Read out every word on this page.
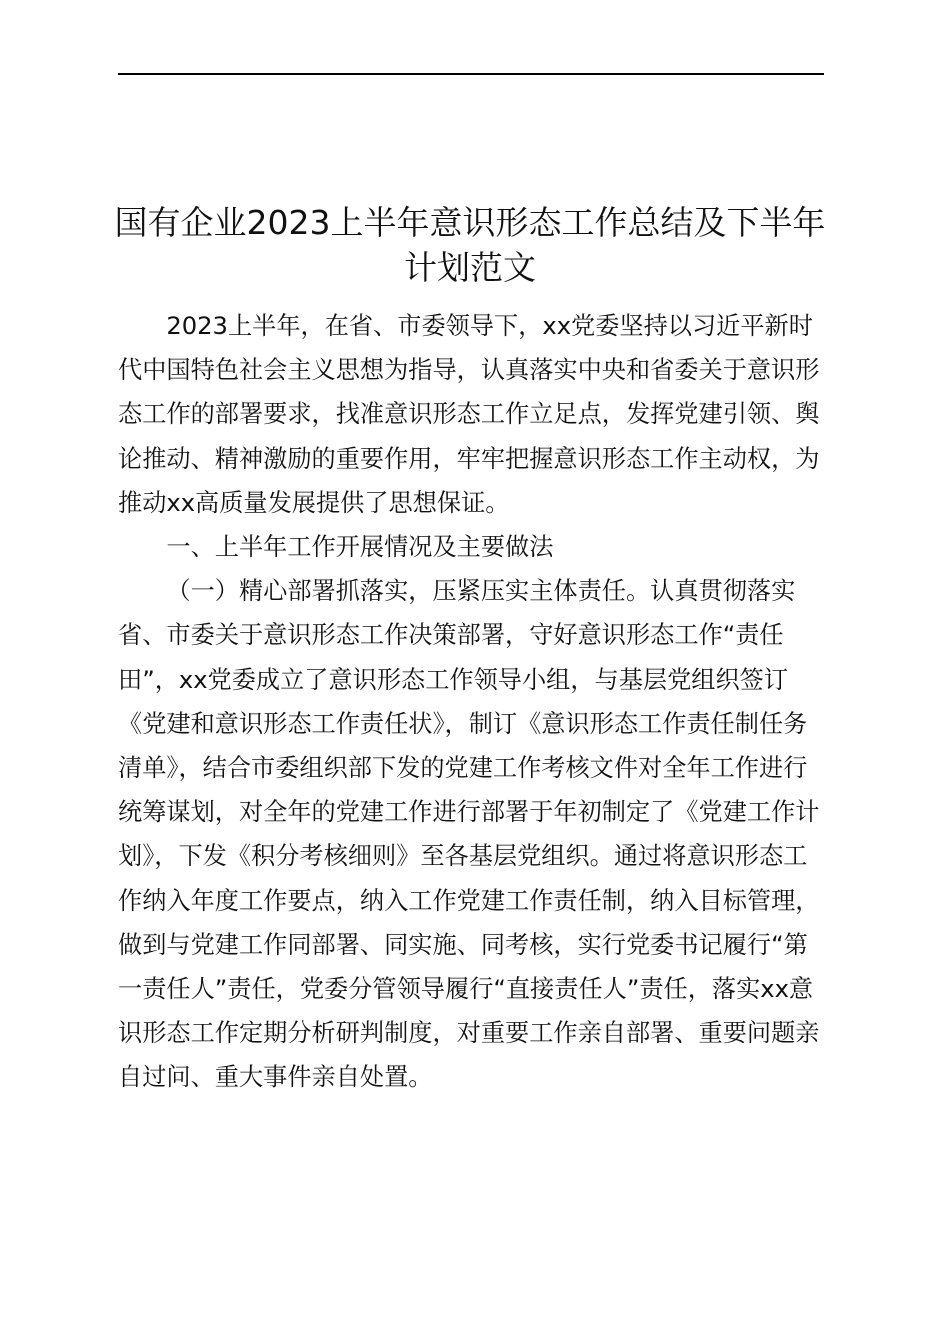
国有企业2023上半年意识形态工作总结及下半年计划范文

2023上半年，在省、市委领导下，xx党委坚持以习近平新时代中国特色社会主义思想为指导，认真落实中央和省委关于意识形态工作的部署要求，找准意识形态工作立足点，发挥党建引领、舆论推动、精神激励的重要作用，牢牢把握意识形态工作主动权，为推动xx高质量发展提供了思想保证。

一、上半年工作开展情况及主要做法

（一）精心部署抓落实，压紧压实主体责任。认真贯彻落实省、市委关于意识形态工作决策部署，守好意识形态工作“责任田”，xx党委成立了意识形态工作领导小组，与基层党组织签订《党建和意识形态工作责任状》，制订《意识形态工作责任制任务清单》，结合市委组织部下发的党建工作考核文件对全年工作进行统筹谋划，对全年的党建工作进行部署于年初制定了《党建工作计划》，下发《积分考核细则》至各基层党组织。通过将意识形态工作纳入年度工作要点，纳入工作党建工作责任制，纳入目标管理，做到与党建工作同部署、同实施、同考核，实行党委书记履行“第一责任人”责任，党委分管领导履行“直接责任人”责任，落实xx意识形态工作定期分析研判制度，对重要工作亲自部署、重要问题亲自过问、重大事件亲自处置。
